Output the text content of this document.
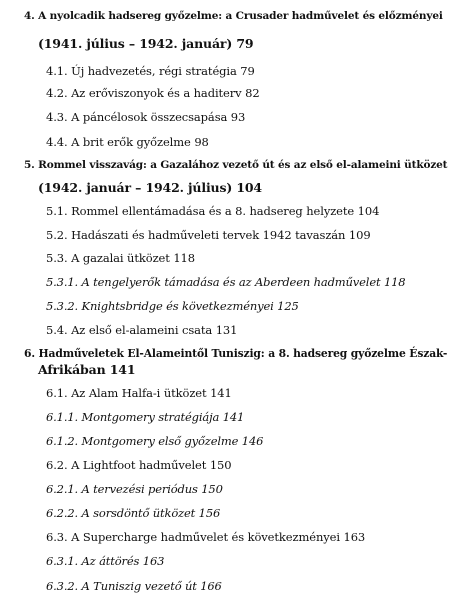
4. A nyolcadik hadsereg győzelme: a Crusader hadművelet és előzményei
(1941. július – 1942. január) 79
4.1. Új hadvezetés, régi stratégia 79
4.2. Az erőviszonyok és a haditerv 82
4.3. A páncélosok összecsapása 93
4.4. A brit erők győzelme 98
5. Rommel visszavág: a Gazalához vezető út és az első el-alameini ütközet
(1942. január – 1942. július) 104
5.1. Rommel ellentámadása és a 8. hadsereg helyzete 104
5.2. Hadászati és hadműveleti tervek 1942 tavaszán 109
5.3. A gazalai ütközet 118
5.3.1. A tengelyerők támadása és az Aberdeen hadművelet 118
5.3.2. Knightsbridge és következményei 125
5.4. Az első el-alameini csata 131
6. Hadműveletek El-Alameintől Tuniszig: a 8. hadsereg győzelme Észak-
Afrikában 141
6.1. Az Alam Halfa-i ütközet 141
6.1.1. Montgomery stratégiája 141
6.1.2. Montgomery első győzelme 146
6.2. A Lightfoot hadművelet 150
6.2.1. A tervezési periódus 150
6.2.2. A sorsdöntő ütközet 156
6.3. A Supercharge hadművelet és következményei 163
6.3.1. Az áttörés 163
6.3.2. A Tuniszig vezető út 166
